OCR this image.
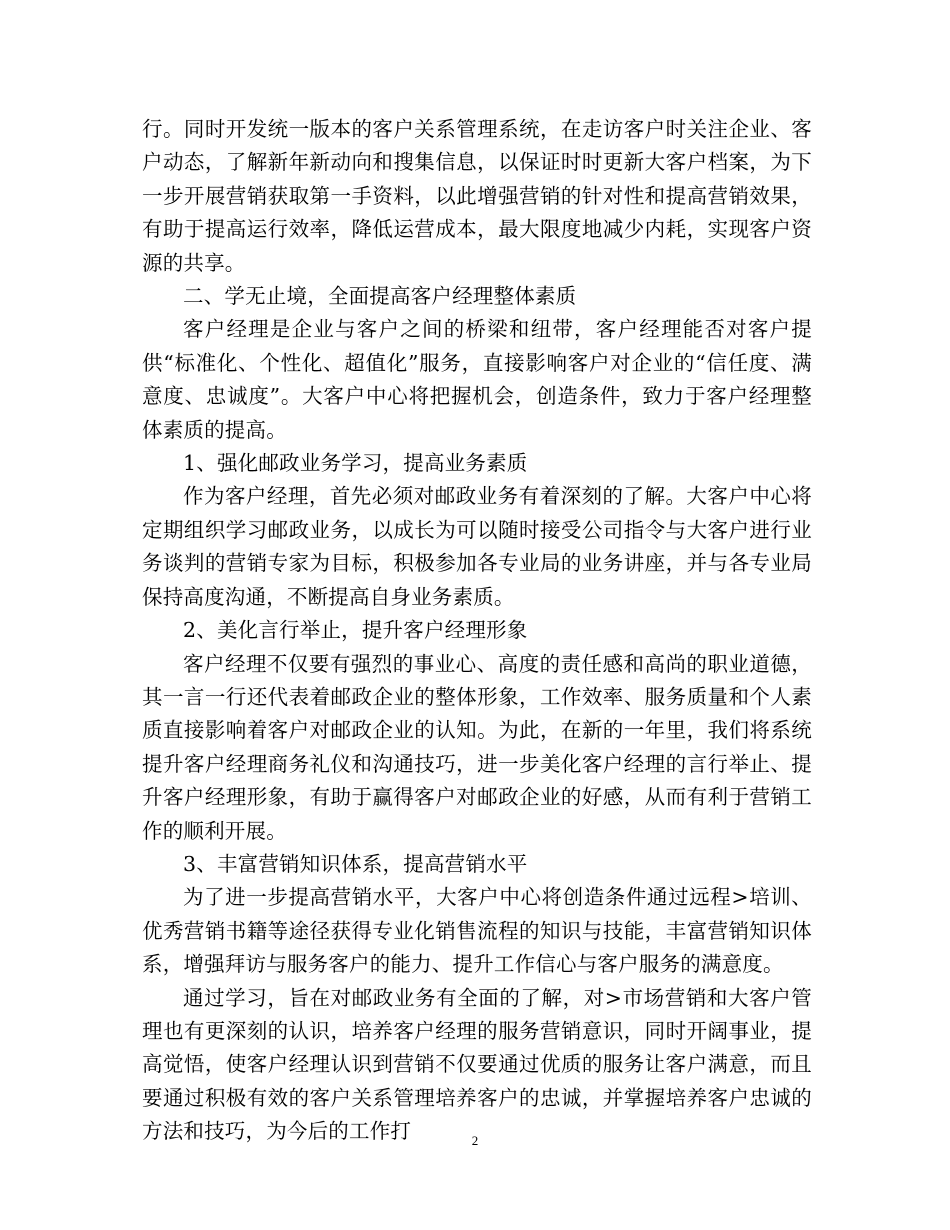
行。同时开发统一版本的客户关系管理系统，在走访客户时关注企业、客户动态，了解新年新动向和搜集信息，以保证时时更新大客户档案，为下一步开展营销获取第一手资料，以此增强营销的针对性和提高营销效果，有助于提高运行效率，降低运营成本，最大限度地减少内耗，实现客户资源的共享。

二、学无止境，全面提高客户经理整体素质

客户经理是企业与客户之间的桥梁和纽带，客户经理能否对客户提供“标准化、个性化、超值化”服务，直接影响客户对企业的“信任度、满意度、忠诚度”。大客户中心将把握机会，创造条件，致力于客户经理整体素质的提高。

1、强化邮政业务学习，提高业务素质

作为客户经理，首先必须对邮政业务有着深刻的了解。大客户中心将定期组织学习邮政业务，以成长为可以随时接受公司指令与大客户进行业务谈判的营销专家为目标，积极参加各专业局的业务讲座，并与各专业局保持高度沟通，不断提高自身业务素质。

2、美化言行举止，提升客户经理形象

客户经理不仅要有强烈的事业心、高度的责任感和高尚的职业道德，其一言一行还代表着邮政企业的整体形象，工作效率、服务质量和个人素质直接影响着客户对邮政企业的认知。为此，在新的一年里，我们将系统提升客户经理商务礼仪和沟通技巧，进一步美化客户经理的言行举止、提升客户经理形象，有助于赢得客户对邮政企业的好感，从而有利于营销工作的顺利开展。

3、丰富营销知识体系，提高营销水平

为了进一步提高营销水平，大客户中心将创造条件通过远程>培训、优秀营销书籍等途径获得专业化销售流程的知识与技能，丰富营销知识体系，增强拜访与服务客户的能力、提升工作信心与客户服务的满意度。

通过学习，旨在对邮政业务有全面的了解，对>市场营销和大客户管理也有更深刻的认识，培养客户经理的服务营销意识，同时开阔事业，提高觉悟，使客户经理认识到营销不仅要通过优质的服务让客户满意，而且要通过积极有效的客户关系管理培养客户的忠诚，并掌握培养客户忠诚的方法和技巧，为今后的工作打	2
